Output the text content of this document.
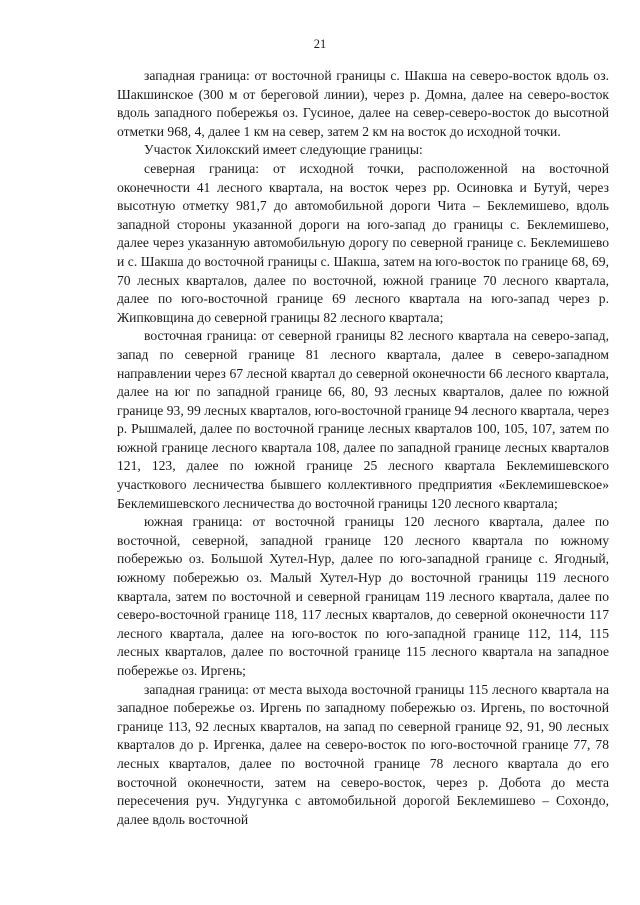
21

западная граница: от восточной границы с. Шакша на северо-восток вдоль оз. Шакшинское (300 м от береговой линии), через р. Домна, далее на северо-восток вдоль западного побережья оз. Гусиное, далее на север-северо-восток до высотной отметки 968, 4, далее 1 км на север, затем 2 км на восток до исходной точки.

Участок Хилокский имеет следующие границы:

северная граница: от исходной точки, расположенной на восточной оконечности 41 лесного квартала, на восток через рр. Осиновка и Бутуй, через высотную отметку 981,7 до автомобильной дороги Чита – Беклемишево, вдоль западной стороны указанной дороги на юго-запад до границы с. Беклемишево, далее через указанную автомобильную дорогу по северной границе с. Беклемишево и с. Шакша до восточной границы с. Шакша, затем на юго-восток по границе 68, 69, 70 лесных кварталов, далее по восточной, южной границе 70 лесного квартала, далее по юго-восточной границе 69 лесного квартала на юго-запад через р. Жипковщина до северной границы 82 лесного квартала;

восточная граница: от северной границы 82 лесного квартала на северо-запад, запад по северной границе 81 лесного квартала, далее в северо-западном направлении через 67 лесной квартал до северной оконечности 66 лесного квартала, далее на юг по западной границе 66, 80, 93 лесных кварталов, далее по южной границе 93, 99 лесных кварталов, юго-восточной границе 94 лесного квартала, через р. Рышмалей, далее по восточной границе лесных кварталов 100, 105, 107, затем по южной границе лесного квартала 108, далее по западной границе лесных кварталов 121, 123, далее по южной границе 25 лесного квартала Беклемишевского участкового лесничества бывшего коллективного предприятия «Беклемишевское» Беклемишевского лесничества до восточной границы 120 лесного квартала;

южная граница: от восточной границы 120 лесного квартала, далее по восточной, северной, западной границе 120 лесного квартала по южному побережью оз. Большой Хутел-Нур, далее по юго-западной границе с. Ягодный, южному побережью оз. Малый Хутел-Нур до восточной границы 119 лесного квартала, затем по восточной и северной границам 119 лесного квартала, далее по северо-восточной границе 118, 117 лесных кварталов, до северной оконечности 117 лесного квартала, далее на юго-восток по юго-западной границе 112, 114, 115 лесных кварталов, далее по восточной границе 115 лесного квартала на западное побережье оз. Иргень;

западная граница: от места выхода восточной границы 115 лесного квартала на западное побережье оз. Иргень по западному побережью оз. Иргень, по восточной границе 113, 92 лесных кварталов, на запад по северной границе 92, 91, 90 лесных кварталов до р. Иргенка, далее на северо-восток по юго-восточной границе 77, 78 лесных кварталов, далее по восточной границе 78 лесного квартала до его восточной оконечности, затем на северо-восток, через р. Добота до места пересечения руч. Ундугунка с автомобильной дорогой Беклемишево – Сохондо, далее вдоль восточной
